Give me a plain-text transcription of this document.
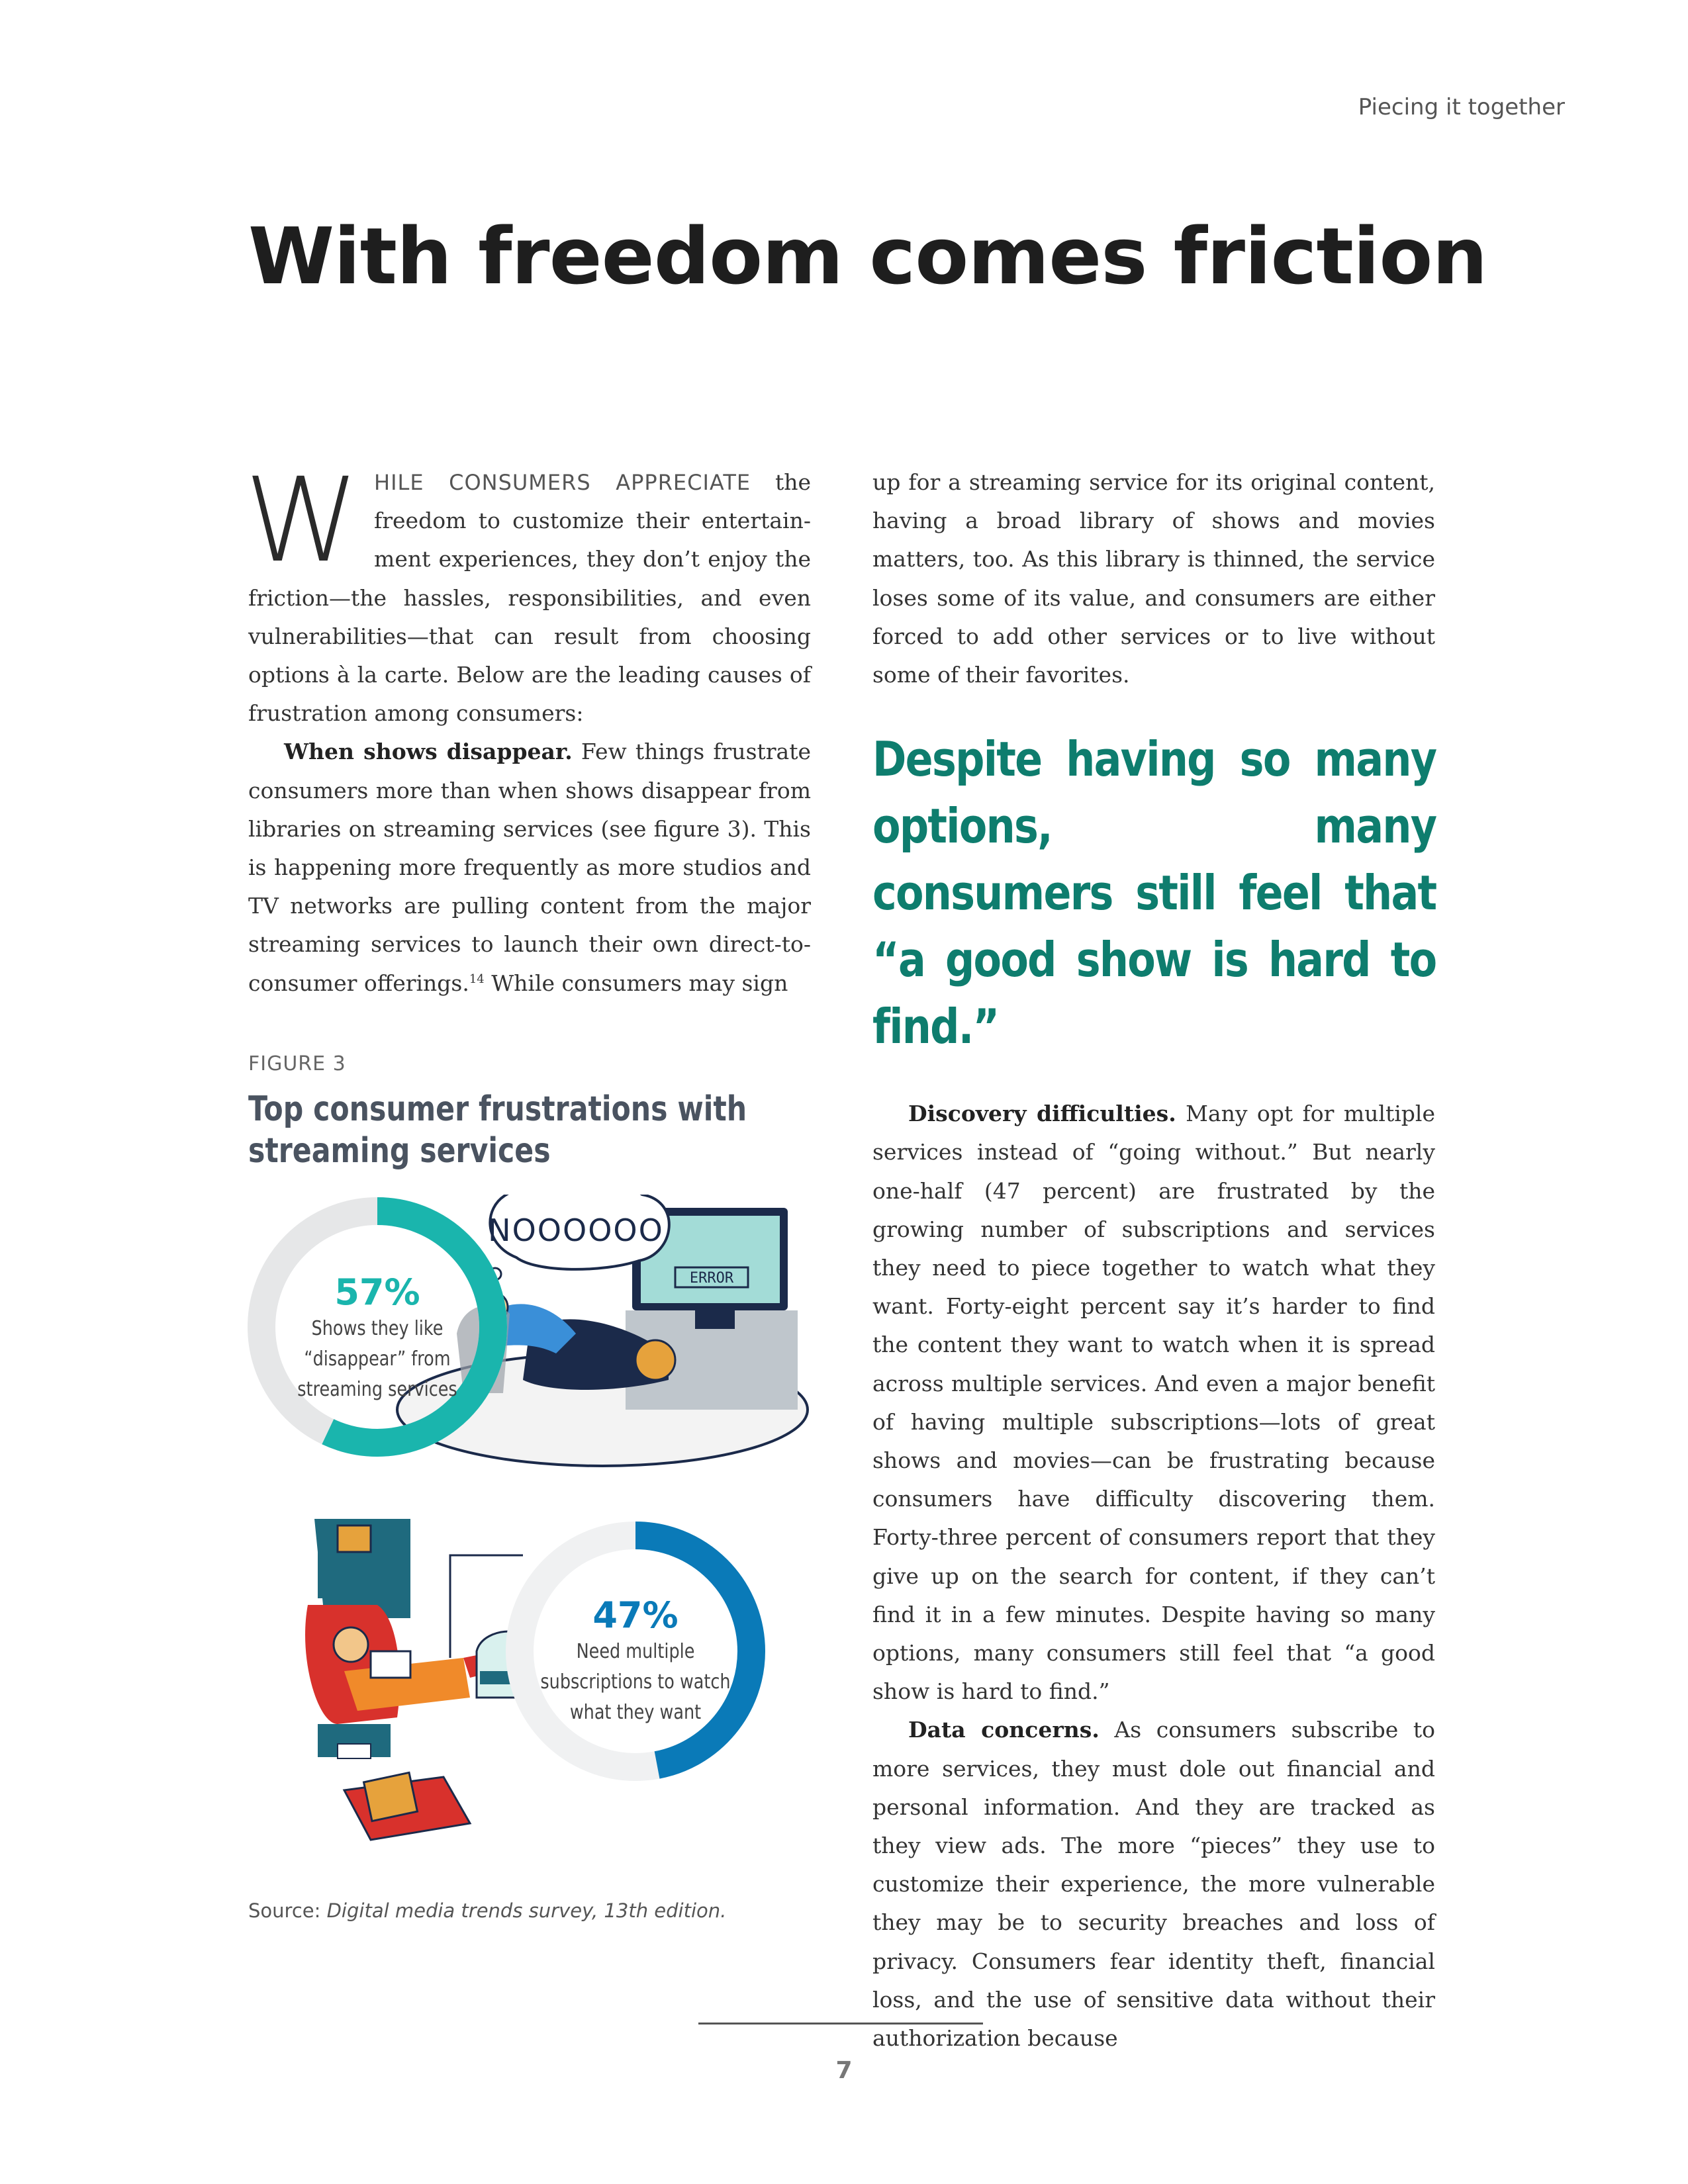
Piecing it together
With freedom comes friction

WHILE CONSUMERS APPRECIATE the freedom to customize their entertainment experiences, they don’t enjoy the friction—the hassles, responsibilities, and even vulnerabilities—that can result from choosing options à la carte. Below are the leading causes of frustration among consumers:

When shows disappear. Few things frustrate consumers more than when shows disappear from libraries on streaming services (see figure 3). This is happening more frequently as more studios and TV networks are pulling content from the major streaming services to launch their own direct-to-consumer offerings.$^{14}$ While consumers may sign

up for a streaming service for its original content, having a broad library of shows and movies matters, too. As this library is thinned, the service loses some of its value, and consumers are either forced to add other services or to live without some of their favorites.

Despite having so many options, many consumers still feel that “a good show is hard to find.”

Discovery difficulties. Many opt for multiple services instead of “going without.” But nearly one-half (47 percent) are frustrated by the growing number of subscriptions and services they need to piece together to watch what they want. Forty-eight percent say it’s harder to find the content they want to watch when it is spread across multiple services. And even a major benefit of having multiple subscriptions—lots of great shows and movies—can be frustrating because consumers have difficulty discovering them. Forty-three percent of consumers report that they give up on the search for content, if they can’t find it in a few minutes. Despite having so many options, many consumers still feel that “a good show is hard to find.”

Data concerns. As consumers subscribe to more services, they must dole out financial and personal information. And they are tracked as they view ads. The more “pieces” they use to customize their experience, the more vulnerable they may be to security breaches and loss of privacy. Consumers fear identity theft, financial loss, and the use of sensitive data without their authorization because

FIGURE 3
Top consumer frustrations with streaming services
ERROR
NOOOOOO
57%
Shows they like
“disappear” from
streaming services
47%
Need multiple
subscriptions to watch
what they want
Source: Digital media trends survey, 13th edition.
7
